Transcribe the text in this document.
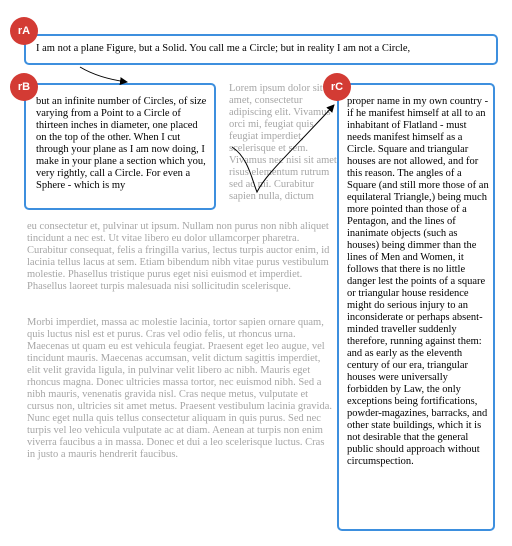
Lorem ipsum dolor sit amet, consectetur adipiscing elit. Vivamus orci mi, feugiat quis feugiat imperdiet, scelerisque et sem. Vivamus nec nisi sit amet risus elementum rutrum sed ac mi. Curabitur sapien nulla, dictum

eu consectetur et, pulvinar ut ipsum. Nullam non purus non nibh aliquet tincidunt a nec est. Ut vitae libero eu dolor ullamcorper pharetra. Curabitur consequat, felis a fringilla varius, lectus turpis auctor enim, id lacinia tellus lacus at sem. Etiam bibendum nibh vitae purus vestibulum molestie. Phasellus tristique purus eget nisi euismod et imperdiet. Phasellus laoreet turpis malesuada nisi sollicitudin scelerisque.

Morbi imperdiet, massa ac molestie lacinia, tortor sapien ornare quam, quis luctus nisl est et purus. Cras vel odio felis, ut rhoncus urna. Maecenas ut quam eu est vehicula feugiat. Praesent eget leo augue, vel tincidunt mauris. Maecenas accumsan, velit dictum sagittis imperdiet, elit velit gravida ligula, in pulvinar velit libero ac nibh. Mauris eget rhoncus magna. Donec ultricies massa tortor, nec euismod nibh. Sed a nibh mauris, venenatis gravida nisl. Cras neque metus, vulputate et cursus non, ultricies sit amet metus. Praesent vestibulum lacinia gravida. Nunc eget nulla quis tellus consectetur aliquam in quis purus. Sed nec turpis vel leo vehicula vulputate ac at diam. Aenean at turpis non enim viverra faucibus a in massa. Donec et dui a leo scelerisque luctus. Cras in justo a mauris hendrerit faucibus.

I am not a plane Figure, but a Solid. You call me a Circle; but in reality I am not a Circle,

but an infinite number of Circles, of size varying from a Point to a Circle of thirteen inches in diameter, one placed on the top of the other. When I cut through your plane as I am now doing, I make in your plane a section which you, very rightly, call a Circle. For even a Sphere - which is my

proper name in my own country - if he manifest himself at all to an inhabitant of Flatland - must needs manifest himself as a Circle. Square and triangular houses are not allowed, and for this reason. The angles of a Square (and still more those of an equilateral Triangle,) being much more pointed than those of a Pentagon, and the lines of inanimate objects (such as houses) being dimmer than the lines of Men and Women, it follows that there is no little danger lest the points of a square or triangular house residence might do serious injury to an inconsiderate or perhaps absent-minded traveller suddenly therefore, running against them: and as early as the eleventh century of our era, triangular houses were universally forbidden by Law, the only exceptions being fortifications, powder-magazines, barracks, and other state buildings, which it is not desirable that the general public should approach without circumspection.

rA
rB	rC
